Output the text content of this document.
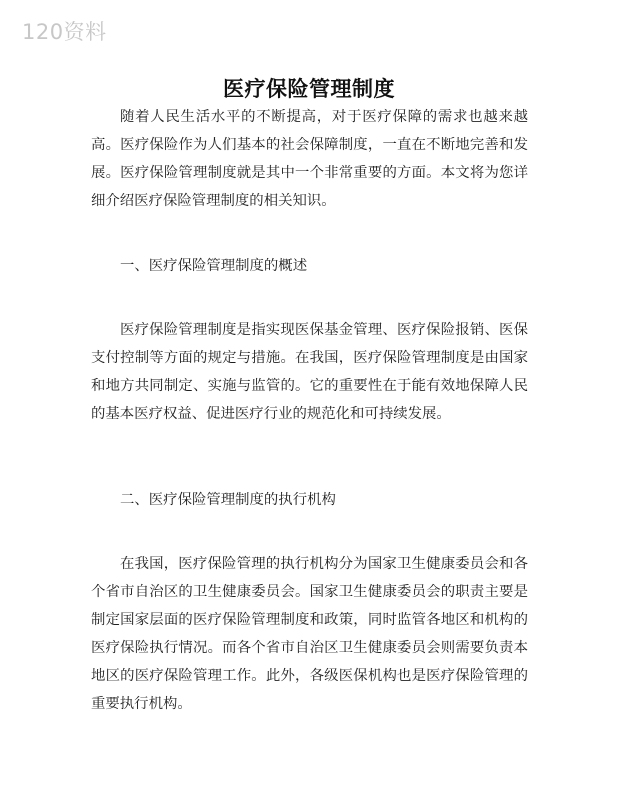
120资料
医疗保险管理制度

随着人民生活水平的不断提高，对于医疗保障的需求也越来越高。医疗保险作为人们基本的社会保障制度，一直在不断地完善和发展。医疗保险管理制度就是其中一个非常重要的方面。本文将为您详细介绍医疗保险管理制度的相关知识。

一、医疗保险管理制度的概述

医疗保险管理制度是指实现医保基金管理、医疗保险报销、医保支付控制等方面的规定与措施。在我国，医疗保险管理制度是由国家和地方共同制定、实施与监管的。它的重要性在于能有效地保障人民的基本医疗权益、促进医疗行业的规范化和可持续发展。

二、医疗保险管理制度的执行机构

在我国，医疗保险管理的执行机构分为国家卫生健康委员会和各个省市自治区的卫生健康委员会。国家卫生健康委员会的职责主要是制定国家层面的医疗保险管理制度和政策，同时监管各地区和机构的医疗保险执行情况。而各个省市自治区卫生健康委员会则需要负责本地区的医疗保险管理工作。此外，各级医保机构也是医疗保险管理的重要执行机构。
